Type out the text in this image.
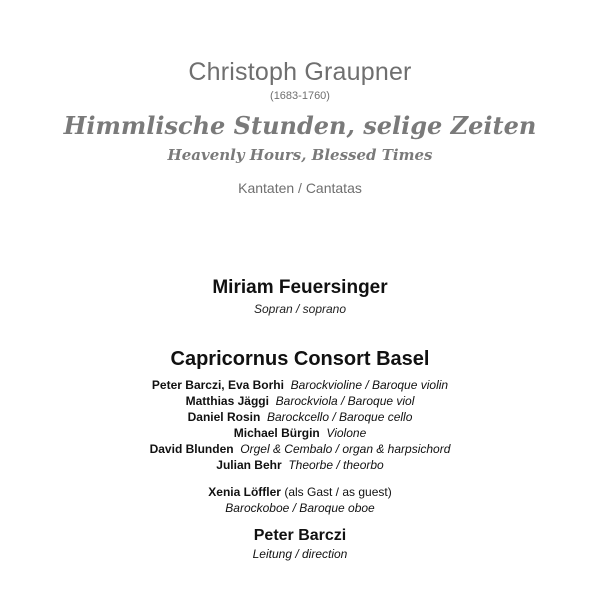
Christoph Graupner
(1683-1760)
Himmlische Stunden, selige Zeiten
Heavenly Hours, Blessed Times
Kantaten / Cantatas
Miriam Feuersinger
Sopran / soprano
Capricornus Consort Basel
Peter Barczi, Eva Borhi Barockvioline / Baroque violin
Matthias Jäggi Barockviola / Baroque viol
Daniel Rosin Barockcello / Baroque cello
Michael Bürgin Violone
David Blunden Orgel & Cembalo / organ & harpsichord
Julian Behr Theorbe / theorbo
Xenia Löffler (als Gast / as guest)
Barockoboe / Baroque oboe
Peter Barczi
Leitung / direction
